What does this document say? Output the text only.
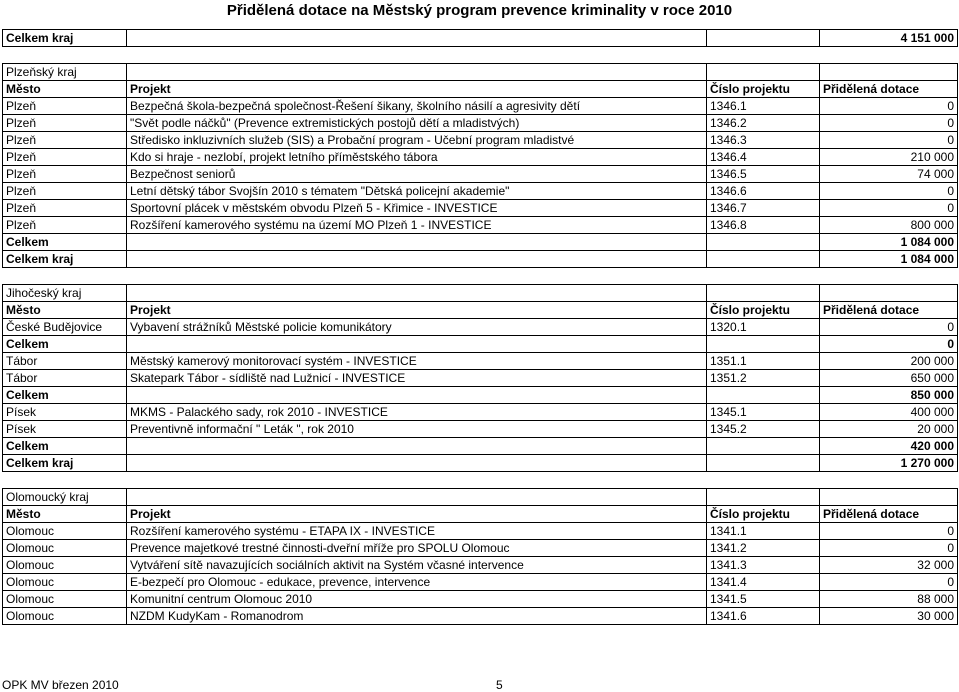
Přidělená dotace na Městský program prevence kriminality v roce 2010
Celkem kraj			4 151 000

Plzeňský kraj			
Město	Projekt	Číslo projektu	Přidělená dotace
Plzeň	Bezpečná škola-bezpečná společnost-Řešení šikany, školního násilí a agresivity dětí	1346.1	0
Plzeň	"Svět podle náčků" (Prevence extremistických postojů dětí a mladistvých)	1346.2	0
Plzeň	Středisko inkluzivních služeb (SIS) a Probační program - Učební program mladistvé	1346.3	0
Plzeň	Kdo si hraje - nezlobí, projekt letního příměstského tábora	1346.4	210 000
Plzeň	Bezpečnost seniorů	1346.5	74 000
Plzeň	Letní dětský tábor Svojšín 2010 s tématem "Dětská policejní akademie"	1346.6	0
Plzeň	Sportovní plácek v městském obvodu Plzeň 5 - Křimice - INVESTICE	1346.7	0
Plzeň	Rozšíření kamerového systému na území MO Plzeň 1 - INVESTICE	1346.8	800 000
Celkem			1 084 000
Celkem kraj			1 084 000

Jihočeský kraj			
Město	Projekt	Číslo projektu	Přidělená dotace
České Budějovice	Vybavení strážníků Městské policie komunikátory	1320.1	0
Celkem			0
Tábor	Městský kamerový monitorovací systém - INVESTICE	1351.1	200 000
Tábor	Skatepark Tábor - sídliště nad Lužnicí - INVESTICE	1351.2	650 000
Celkem			850 000
Písek	MKMS - Palackého sady, rok 2010 - INVESTICE	1345.1	400 000
Písek	Preventivně informační " Leták ", rok 2010	1345.2	20 000
Celkem			420 000
Celkem kraj			1 270 000

Olomoucký kraj			
Město	Projekt	Číslo projektu	Přidělená dotace
Olomouc	Rozšíření kamerového systému - ETAPA IX - INVESTICE	1341.1	0
Olomouc	Prevence majetkové trestné činnosti-dveřní mříže pro SPOLU Olomouc	1341.2	0
Olomouc	Vytváření sítě navazujících sociálních aktivit na Systém včasné intervence	1341.3	32 000
Olomouc	E-bezpečí pro Olomouc - edukace, prevence, intervence	1341.4	0
Olomouc	Komunitní centrum Olomouc 2010	1341.5	88 000
Olomouc	NZDM KudyKam - Romanodrom	1341.6	30 000
OPK MV březen 2010	5
